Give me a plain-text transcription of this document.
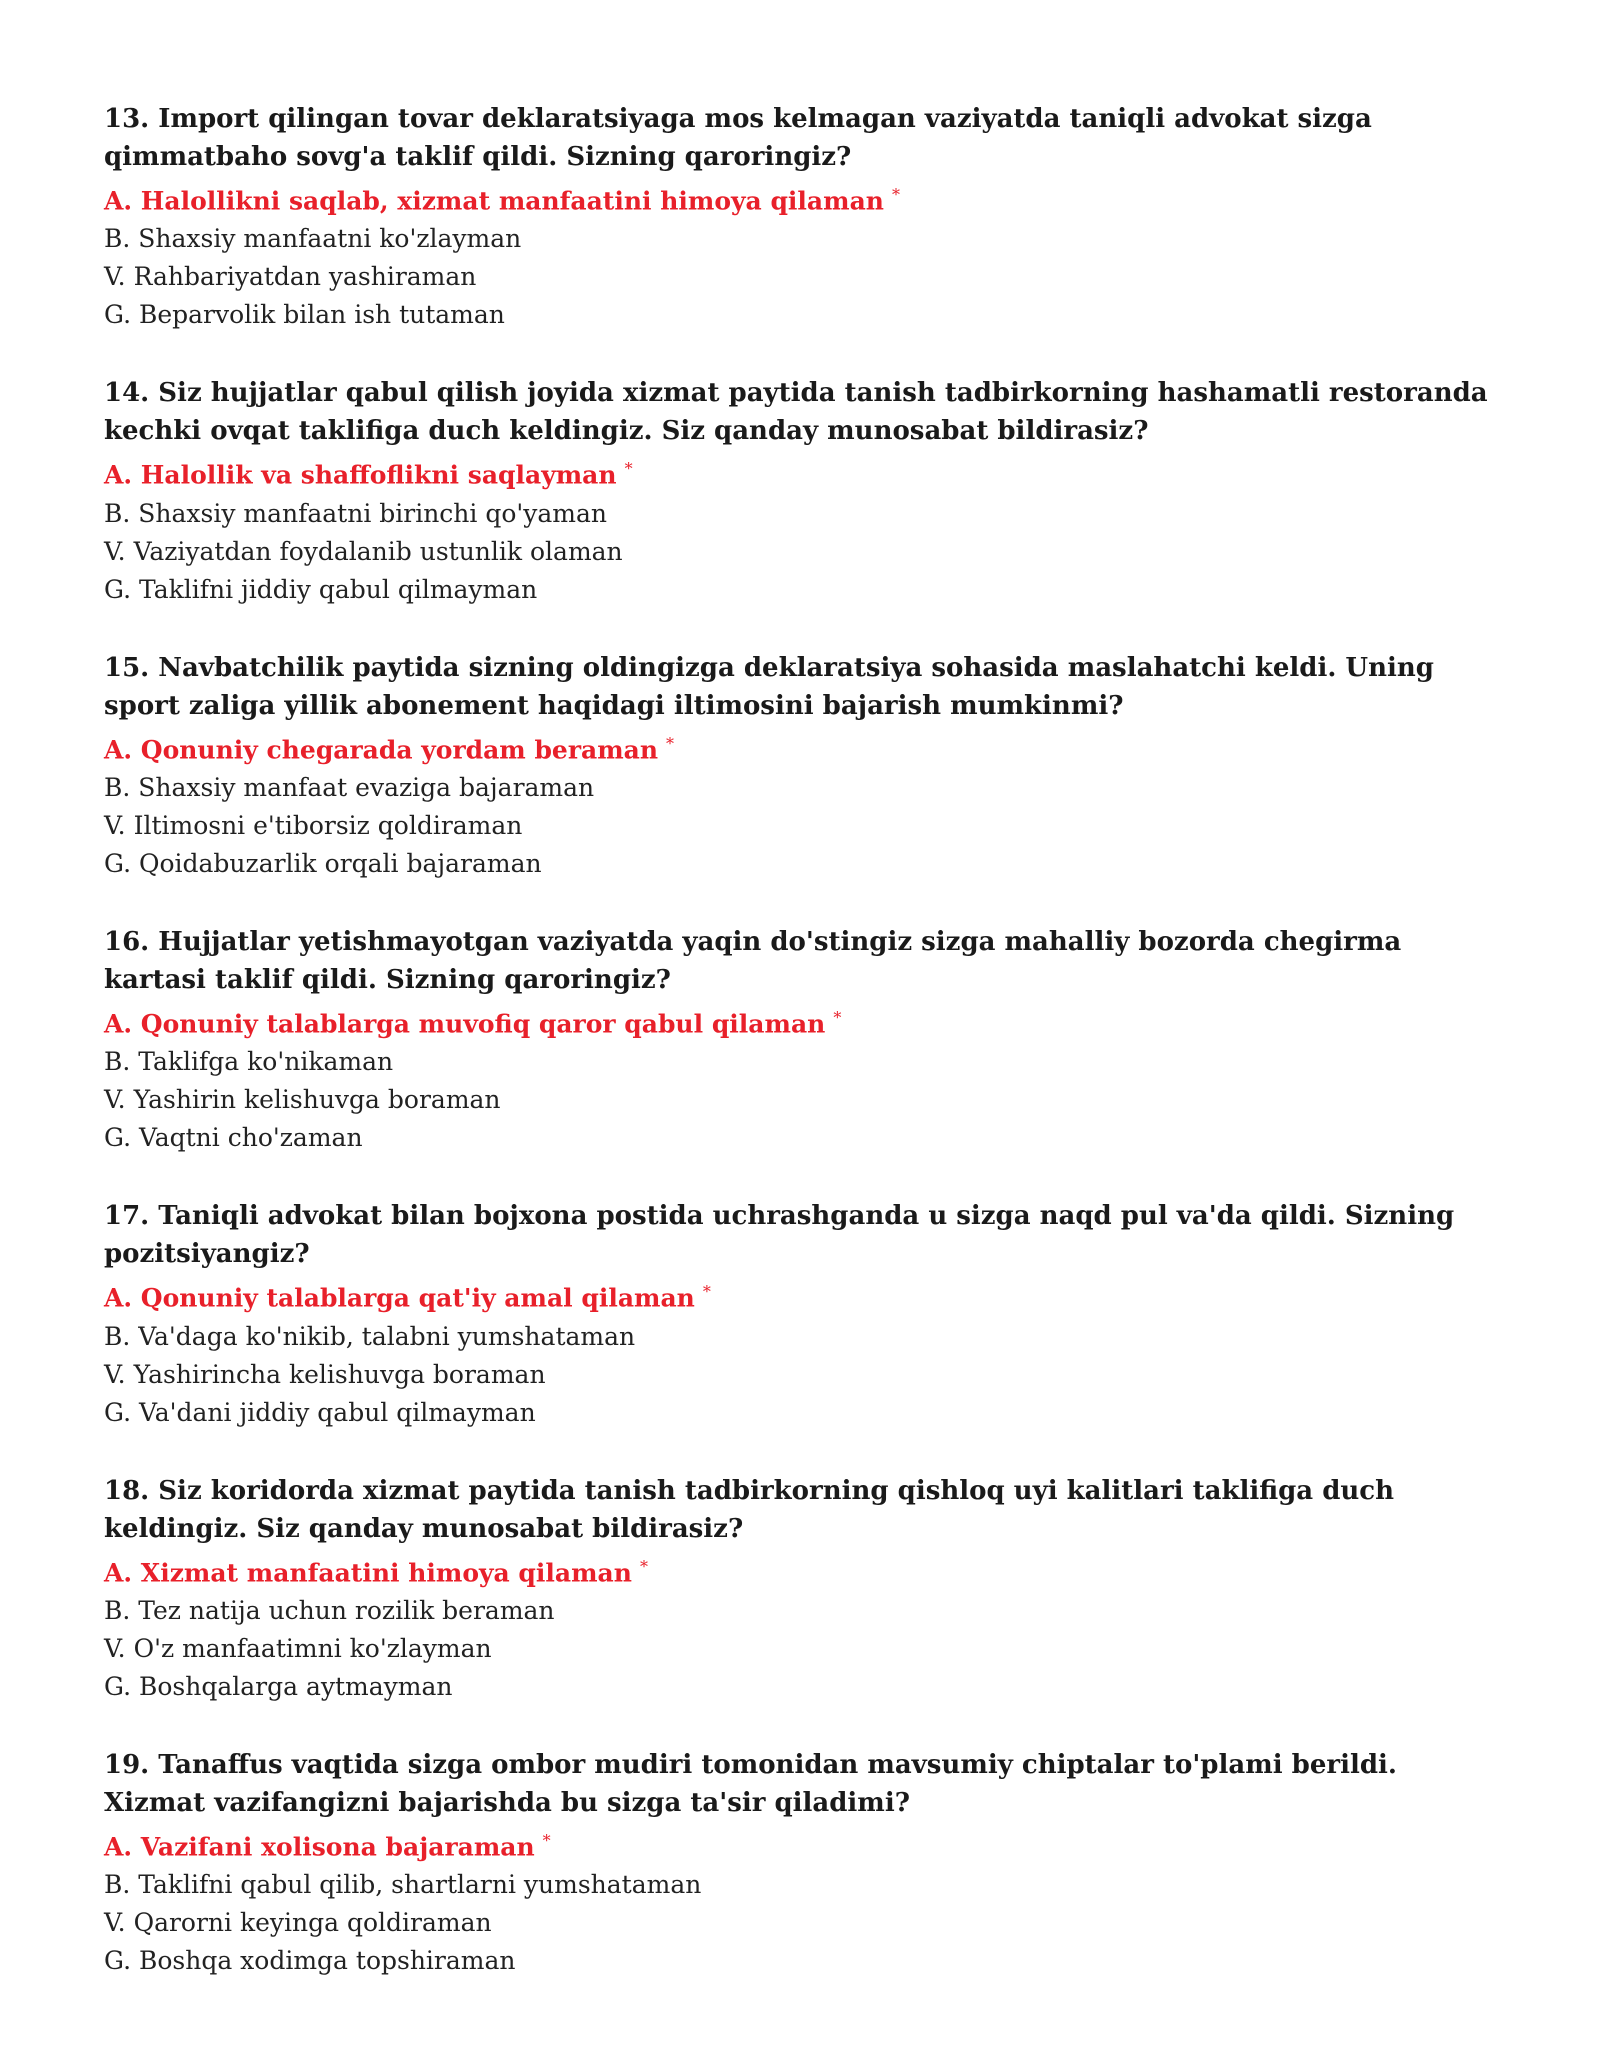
13. Import qilingan tovar deklaratsiyaga mos kelmagan vaziyatda taniqli advokat sizga qimmatbaho sovg'a taklif qildi. Sizning qaroringiz?

A. Halollikni saqlab, xizmat manfaatini himoya qilaman *

B. Shaxsiy manfaatni ko'zlayman

V. Rahbariyatdan yashiraman

G. Beparvolik bilan ish tutaman

14. Siz hujjatlar qabul qilish joyida xizmat paytida tanish tadbirkorning hashamatli restoranda kechki ovqat taklifiga duch keldingiz. Siz qanday munosabat bildirasiz?

A. Halollik va shaffoflikni saqlayman *

B. Shaxsiy manfaatni birinchi qo'yaman

V. Vaziyatdan foydalanib ustunlik olaman

G. Taklifni jiddiy qabul qilmayman

15. Navbatchilik paytida sizning oldingizga deklaratsiya sohasida maslahatchi keldi. Uning sport zaliga yillik abonement haqidagi iltimosini bajarish mumkinmi?

A. Qonuniy chegarada yordam beraman *

B. Shaxsiy manfaat evaziga bajaraman

V. Iltimosni e'tiborsiz qoldiraman

G. Qoidabuzarlik orqali bajaraman

16. Hujjatlar yetishmayotgan vaziyatda yaqin do'stingiz sizga mahalliy bozorda chegirma kartasi taklif qildi. Sizning qaroringiz?

A. Qonuniy talablarga muvofiq qaror qabul qilaman *

B. Taklifga ko'nikaman

V. Yashirin kelishuvga boraman

G. Vaqtni cho'zaman

17. Taniqli advokat bilan bojxona postida uchrashganda u sizga naqd pul va'da qildi. Sizning pozitsiyangiz?

A. Qonuniy talablarga qat'iy amal qilaman *

B. Va'daga ko'nikib, talabni yumshataman

V. Yashirincha kelishuvga boraman

G. Va'dani jiddiy qabul qilmayman

18. Siz koridorda xizmat paytida tanish tadbirkorning qishloq uyi kalitlari taklifiga duch keldingiz. Siz qanday munosabat bildirasiz?

A. Xizmat manfaatini himoya qilaman *

B. Tez natija uchun rozilik beraman

V. O'z manfaatimni ko'zlayman

G. Boshqalarga aytmayman

19. Tanaffus vaqtida sizga ombor mudiri tomonidan mavsumiy chiptalar to'plami berildi. Xizmat vazifangizni bajarishda bu sizga ta'sir qiladimi?

A. Vazifani xolisona bajaraman *

B. Taklifni qabul qilib, shartlarni yumshataman

V. Qarorni keyinga qoldiraman

G. Boshqa xodimga topshiraman
